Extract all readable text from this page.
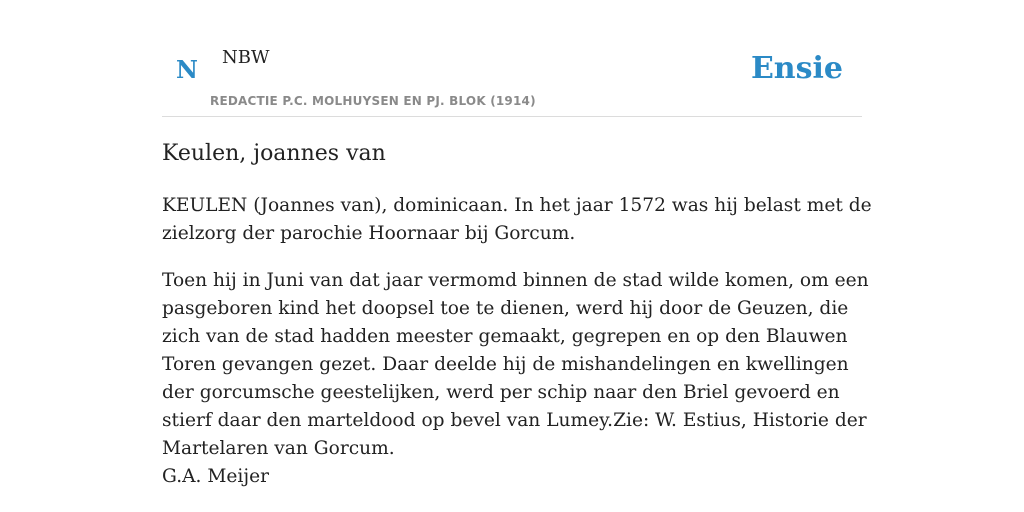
N NBW
REDACTIE P.C. MOLHUYSEN EN PJ. BLOK (1914)
Ensie
Keulen, joannes van

KEULEN (Joannes van), dominicaan. In het jaar 1572 was hij belast met de zielzorg der parochie Hoornaar bij Gorcum.

Toen hij in Juni van dat jaar vermomd binnen de stad wilde komen, om een pasgeboren kind het doopsel toe te dienen, werd hij door de Geuzen, die zich van de stad hadden meester gemaakt, gegrepen en op den Blauwen Toren gevangen gezet. Daar deelde hij de mishandelingen en kwellingen der gorcumsche geestelijken, werd per schip naar den Briel gevoerd en stierf daar den marteldood op bevel van Lumey.Zie: W. Estius, Historie der Martelaren van Gorcum.

G.A. Meijer
